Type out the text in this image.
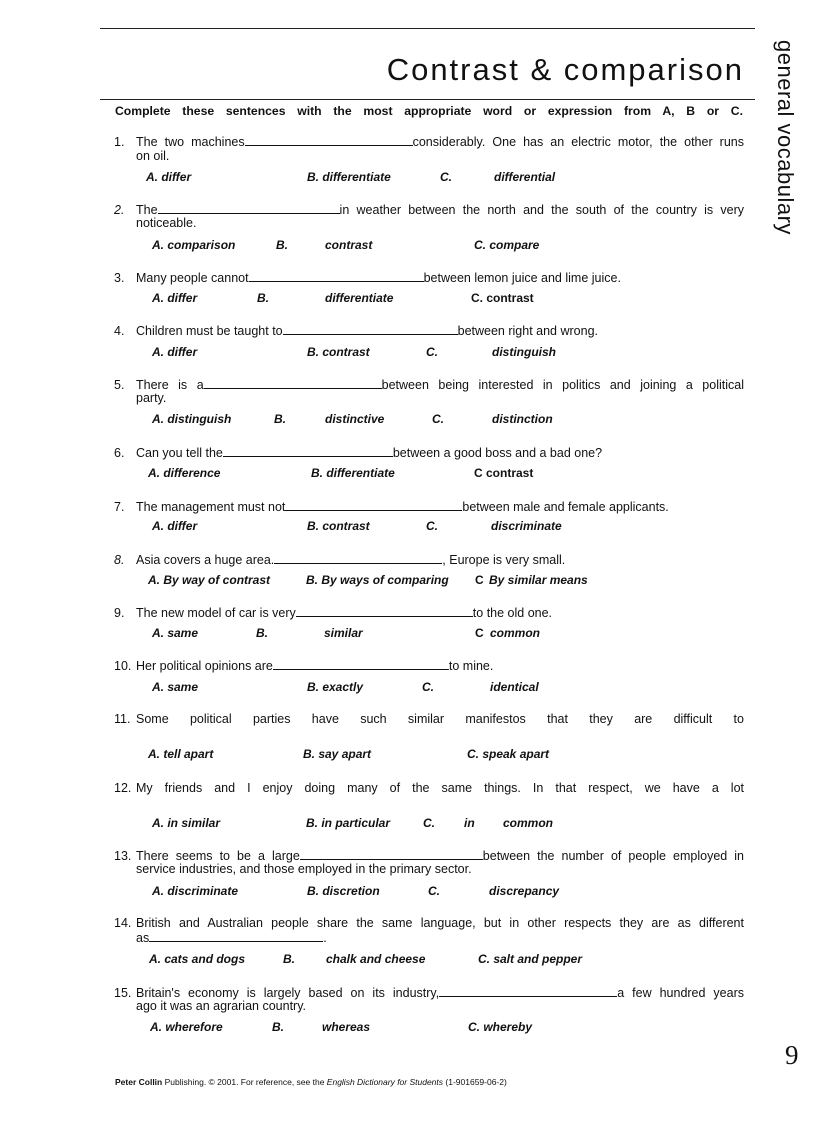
Contrast & comparison general vocabulary
Complete these sentences with the most appropriate word or expression from A, B or C.
1. The two machines	considerably. One has an electric motor, the other runs
on oil.
A. differ	B. differentiate	C.	differential
2. The	in weather between the north and the south of the country is very
noticeable.
A. comparison	B.	contrast	C. compare
3. Many people cannot	between lemon juice and lime juice.
A. differ	B.	differentiate	C. contrast
4. Children must be taught to	between right and wrong.
A. differ	B. contrast	C.	distinguish
5. There is a	between being interested in politics and joining a political
party.
A. distinguish	B.	distinctive	C.	distinction
6. Can you tell the	between a good boss and a bad one?
A. difference	B. differentiate	C contrast
7. The management must not	between male and female applicants.
A. differ	B. contrast	C.	discriminate
8. Asia covers a huge area.	, Europe is very small.
A. By way of contrast	B. By ways of comparing C By similar means
9. The new model of car is very	to the old one.
A. same	B.	similar	C common
10. Her political opinions are	to mine.
A. same	B. exactly	C.	identical
11. Some political parties have such similar manifestos that they are difficult to
A. tell apart	B. say apart	C. speak apart
12. My friends and I enjoy doing many of the same things. In that respect, we have a lot
A. in similar	B. in particular	C. in common
13. There seems to be a large	between the number of people employed in
service industries, and those employed in the primary sector.
A. discriminate	B. discretion	C.	discrepancy
14. British and Australian people share the same language, but in other respects they are as different
as	.
A. cats and dogs	B.	chalk and cheese	C. salt and pepper
15. Britain's economy is largely based on its industry,	a few hundred years
ago it was an agrarian country.
A. wherefore	B.	whereas	C. whereby
9
Peter Collin Publishing. © 2001. For reference, see the English Dictionary for Students (1-901659-06-2)
